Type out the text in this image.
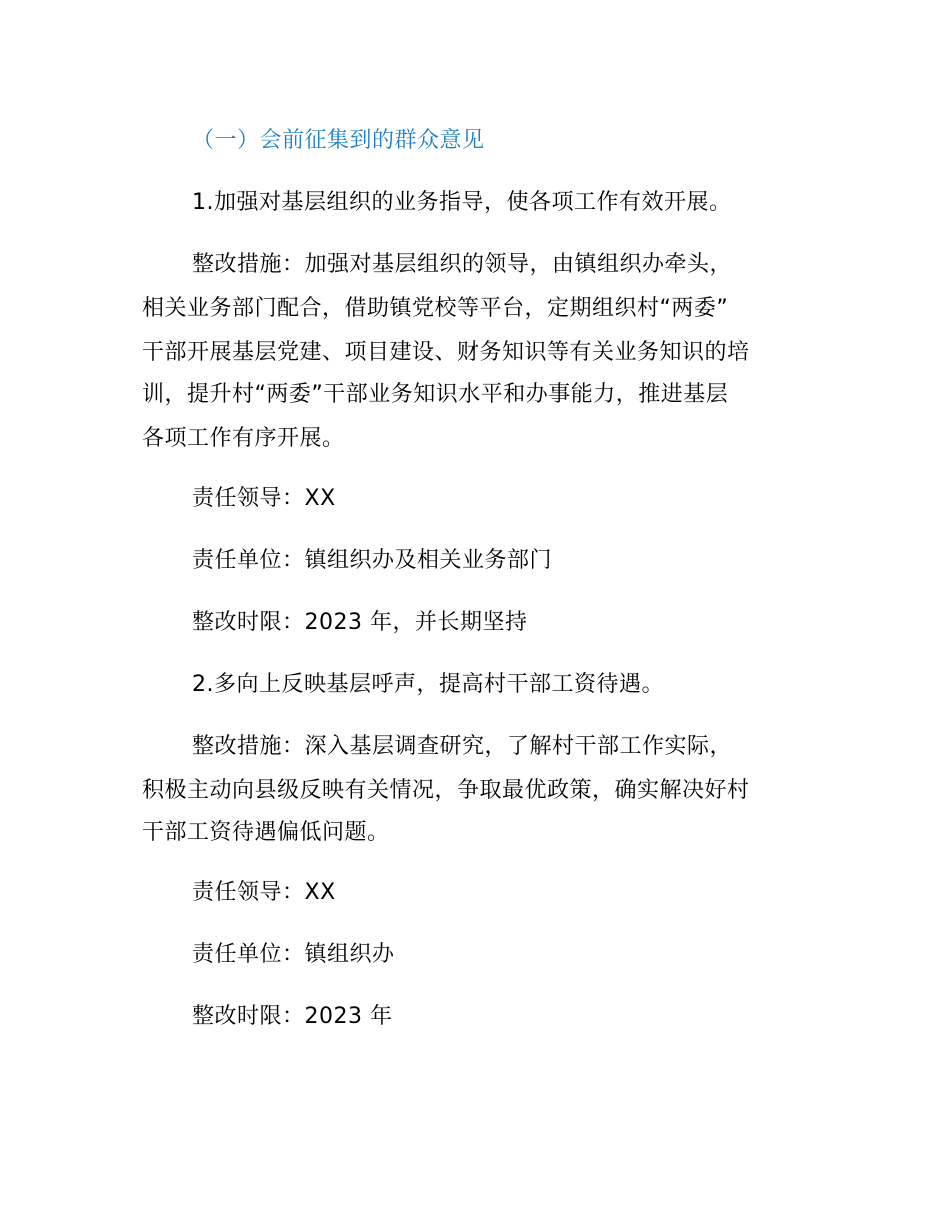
（一）会前征集到的群众意见
1.加强对基层组织的业务指导，使各项工作有效开展。
整改措施：加强对基层组织的领导，由镇组织办牵头，
相关业务部门配合，借助镇党校等平台，定期组织村“两委”
干部开展基层党建、项目建设、财务知识等有关业务知识的培
训，提升村“两委”干部业务知识水平和办事能力，推进基层
各项工作有序开展。
责任领导：XX
责任单位：镇组织办及相关业务部门
整改时限：2023 年，并长期坚持
2.多向上反映基层呼声，提高村干部工资待遇。
整改措施：深入基层调查研究，了解村干部工作实际，
积极主动向县级反映有关情况，争取最优政策，确实解决好村
干部工资待遇偏低问题。
责任领导：XX
责任单位：镇组织办
整改时限：2023 年
